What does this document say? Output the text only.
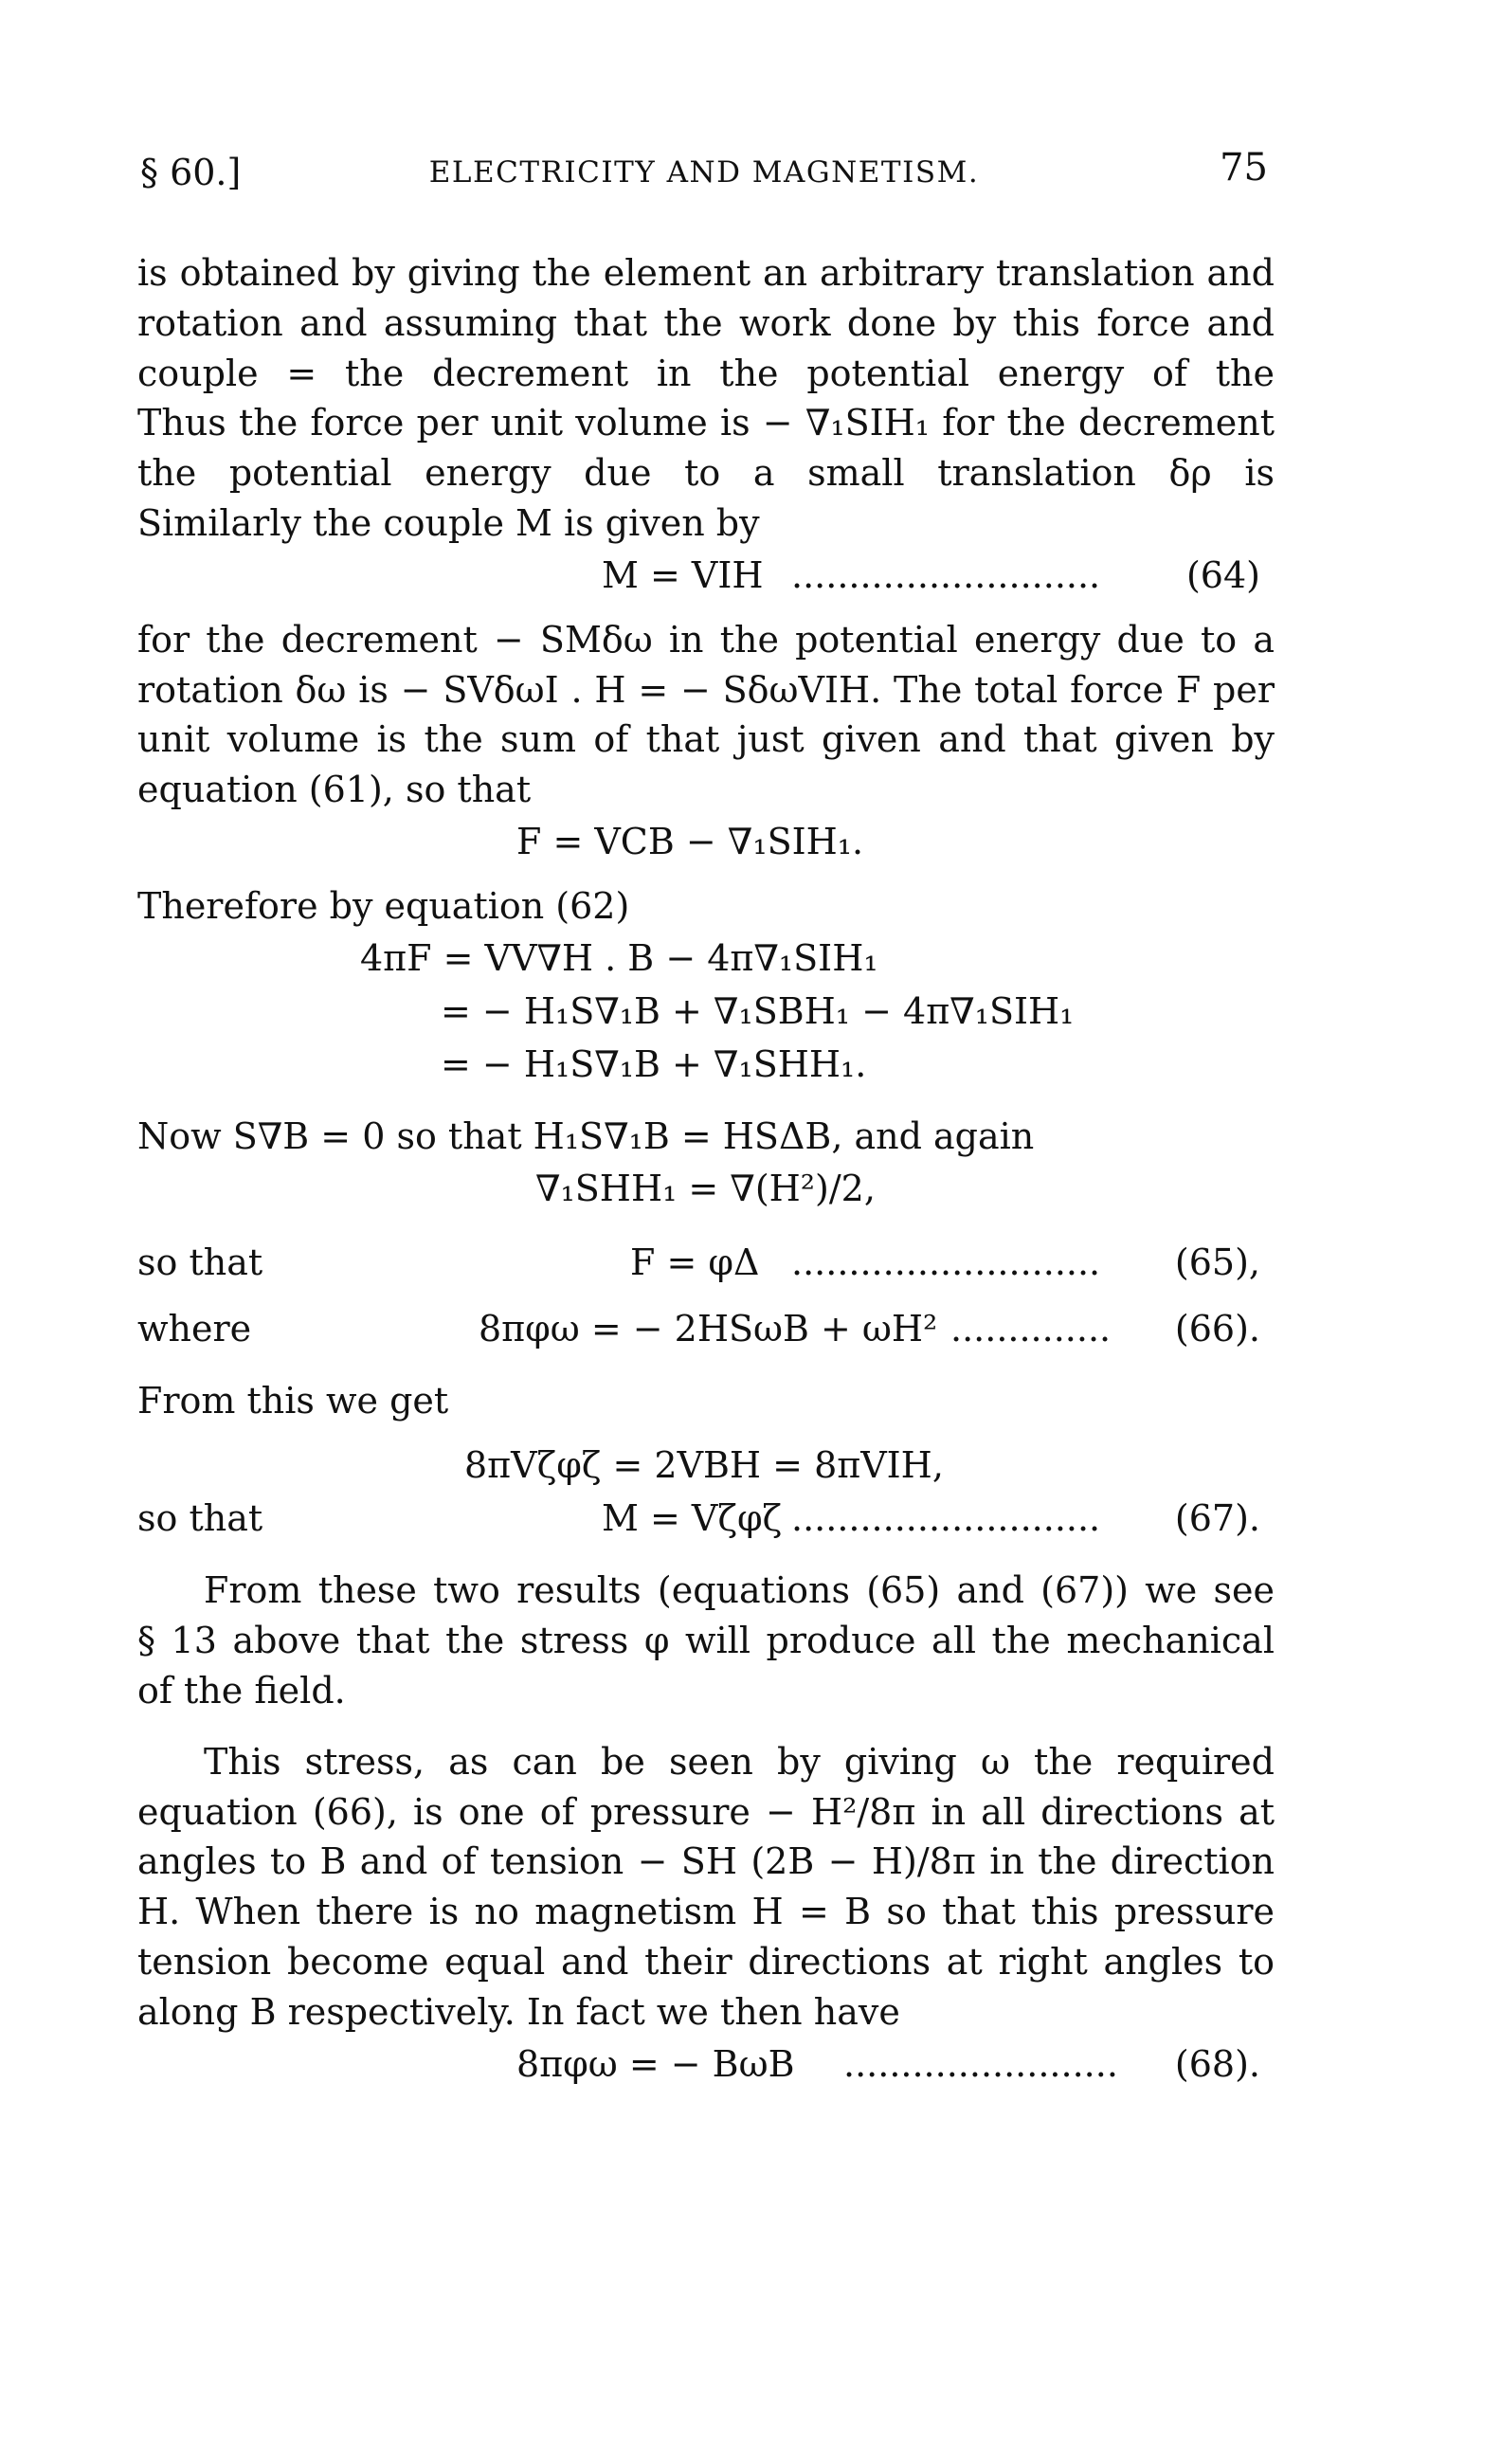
§ 60.]	ELECTRICITY AND MAGNETISM.	75
is obtained by giving the element an arbitrary translation and
rotation and assuming that the work done by this force and
couple = the decrement in the potential energy of the
Thus the force per unit volume is − ∇₁SIH₁ for the decrement
the potential energy due to a small translation δρ is
Similarly the couple M is given by
M = VIH ........................... (64)
for the decrement − SMδω in the potential energy due to a
rotation δω is − SVδωI . H = − SδωVIH. The total force F per
unit volume is the sum of that just given and that given by
equation (61), so that
F = VCB − ∇₁SIH₁.
Therefore by equation (62)
4πF = VV∇H . B − 4π∇₁SIH₁
= − H₁S∇₁B + ∇₁SBH₁ − 4π∇₁SIH₁
= − H₁S∇₁B + ∇₁SHH₁.
Now S∇B = 0 so that H₁S∇₁B = HSΔB, and again
∇₁SHH₁ = ∇(H²)/2,
so that	F = φΔ ........................... (65),
where	8πφω = − 2HSωB + ωH² .............. (66).
From this we get
8πVζφζ = 2VBH = 8πVIH,
so that	M = Vζφζ ........................... (67).
From these two results (equations (65) and (67)) we see
§ 13 above that the stress φ will produce all the mechanical
of the field.
This stress, as can be seen by giving ω the required
equation (66), is one of pressure − H²/8π in all directions at
angles to B and of tension − SH (2B − H)/8π in the direction
H. When there is no magnetism H = B so that this pressure
tension become equal and their directions at right angles to
along B respectively. In fact we then have
8πφω = − BωB ........................ (68).
